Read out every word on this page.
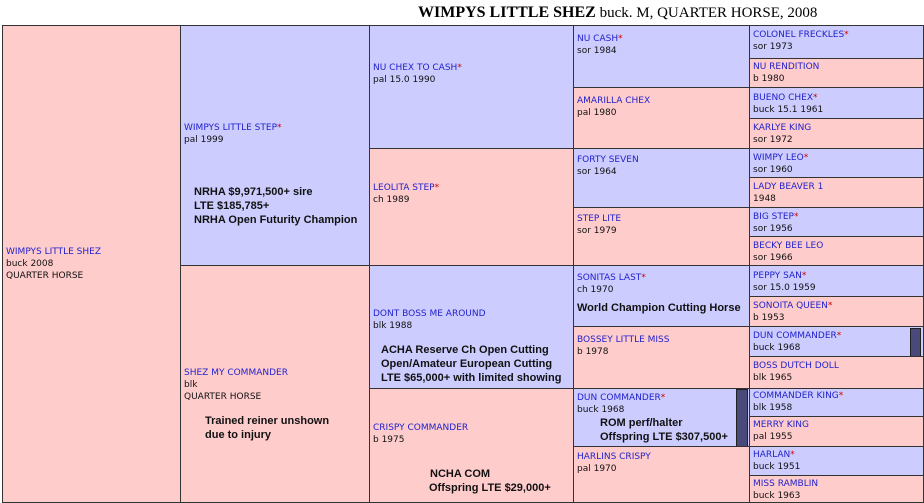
WIMPYS LITTLE SHEZ buck. M, QUARTER HORSE, 2008
WIMPYS LITTLE SHEZ
buck 2008
QUARTER HORSE
WIMPYS LITTLE STEP*
pal 1999
NRHA $9,971,500+ sire
LTE $185,785+
NRHA Open Futurity Champion
SHEZ MY COMMANDER
blk
QUARTER HORSE
Trained reiner unshown
due to injury
NU CHEX TO CASH*
pal 15.0 1990
LEOLITA STEP*
ch 1989
DONT BOSS ME AROUND
blk 1988
ACHA Reserve Ch Open Cutting
Open/Amateur European Cutting
LTE $65,000+ with limited showing
CRISPY COMMANDER
b 1975
NCHA COM
Offspring LTE $29,000+
NU CASH*
sor 1984
AMARILLA CHEX
pal 1980
FORTY SEVEN
sor 1964
STEP LITE
sor 1979
SONITAS LAST*
ch 1970
World Champion Cutting Horse
BOSSEY LITTLE MISS
b 1978
DUN COMMANDER*
buck 1968
ROM perf/halter
Offspring LTE $307,500+
HARLINS CRISPY
pal 1970
COLONEL FRECKLES*
sor 1973
NU RENDITION
b 1980
BUENO CHEX*
buck 15.1 1961
KARLYE KING
sor 1972
WIMPY LEO*
sor 1960
LADY BEAVER 1
1948
BIG STEP*
sor 1956
BECKY BEE LEO
sor 1966
PEPPY SAN*
sor 15.0 1959
SONOITA QUEEN*
b 1953
DUN COMMANDER*
buck 1968
BOSS DUTCH DOLL
blk 1965
COMMANDER KING*
blk 1958
MERRY KING
pal 1955
HARLAN*
buck 1951
MISS RAMBLIN
buck 1963
